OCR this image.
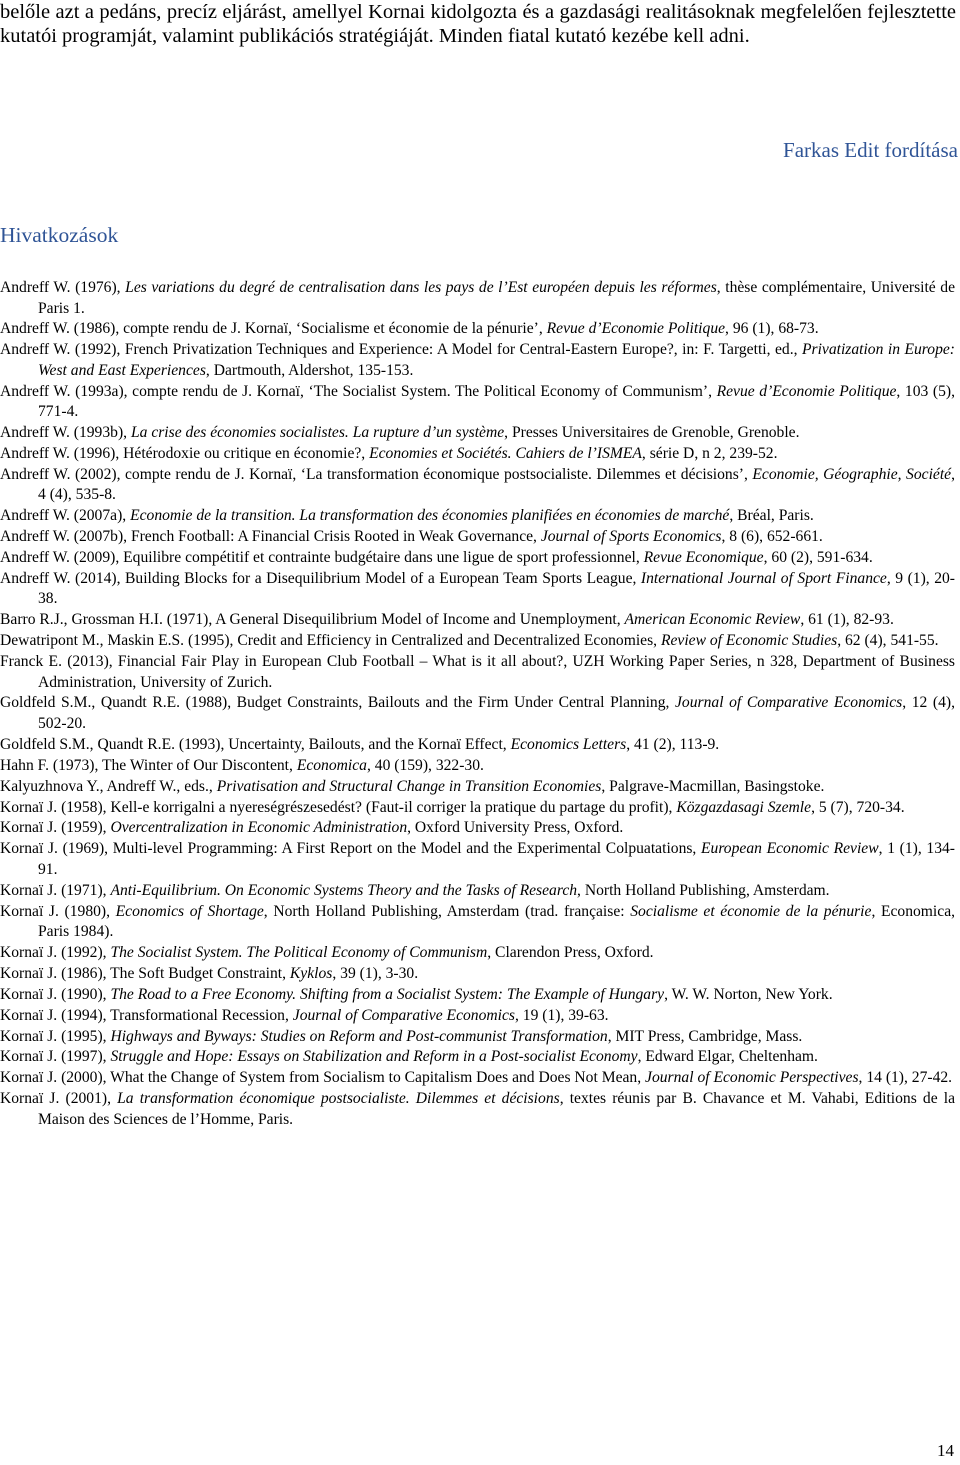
belőle azt a pedáns, precíz eljárást, amellyel Kornai kidolgozta és a gazdasági realitásoknak megfelelően fejlesztette kutatói programját, valamint publikációs stratégiáját. Minden fiatal kutató kezébe kell adni.

Farkas Edit fordítása

Hivatkozások
Andreff W. (1976), Les variations du degré de centralisation dans les pays de l’Est européen depuis les réformes, thèse complémentaire, Université de Paris 1.
Andreff W. (1986), compte rendu de J. Kornaï, ‘Socialisme et économie de la pénurie’, Revue d’Economie Politique, 96 (1), 68-73.
Andreff W. (1992), French Privatization Techniques and Experience: A Model for Central-Eastern Europe?, in: F. Targetti, ed., Privatization in Europe: West and East Experiences, Dartmouth, Aldershot, 135-153.
Andreff W. (1993a), compte rendu de J. Kornaï, ‘The Socialist System. The Political Economy of Communism’, Revue d’Economie Politique, 103 (5), 771-4.
Andreff W. (1993b), La crise des économies socialistes. La rupture d’un système, Presses Universitaires de Grenoble, Grenoble.
Andreff W. (1996), Hétérodoxie ou critique en économie?, Economies et Sociétés. Cahiers de l’ISMEA, série D, n 2, 239-52.
Andreff W. (2002), compte rendu de J. Kornaï, ‘La transformation économique postsocialiste. Dilemmes et décisions’, Economie, Géographie, Société, 4 (4), 535-8.
Andreff W. (2007a), Economie de la transition. La transformation des économies planifiées en économies de marché, Bréal, Paris.
Andreff W. (2007b), French Football: A Financial Crisis Rooted in Weak Governance, Journal of Sports Economics, 8 (6), 652-661.
Andreff W. (2009), Equilibre compétitif et contrainte budgétaire dans une ligue de sport professionnel, Revue Economique, 60 (2), 591-634.
Andreff W. (2014), Building Blocks for a Disequilibrium Model of a European Team Sports League, International Journal of Sport Finance, 9 (1), 20-38.
Barro R.J., Grossman H.I. (1971), A General Disequilibrium Model of Income and Unemployment, American Economic Review, 61 (1), 82-93.
Dewatripont M., Maskin E.S. (1995), Credit and Efficiency in Centralized and Decentralized Economies, Review of Economic Studies, 62 (4), 541-55.
Franck E. (2013), Financial Fair Play in European Club Football – What is it all about?, UZH Working Paper Series, n 328, Department of Business Administration, University of Zurich.
Goldfeld S.M., Quandt R.E. (1988), Budget Constraints, Bailouts and the Firm Under Central Planning, Journal of Comparative Economics, 12 (4), 502-20.
Goldfeld S.M., Quandt R.E. (1993), Uncertainty, Bailouts, and the Kornaï Effect, Economics Letters, 41 (2), 113-9.
Hahn F. (1973), The Winter of Our Discontent, Economica, 40 (159), 322-30.
Kalyuzhnova Y., Andreff W., eds., Privatisation and Structural Change in Transition Economies, Palgrave-Macmillan, Basingstoke.
Kornaï J. (1958), Kell-e korrigalni a nyereségrészesedést? (Faut-il corriger la pratique du partage du profit), Közgazdasagi Szemle, 5 (7), 720-34.
Kornaï J. (1959), Overcentralization in Economic Administration, Oxford University Press, Oxford.
Kornaï J. (1969), Multi-level Programming: A First Report on the Model and the Experimental Colpuatations, European Economic Review, 1 (1), 134-91.
Kornaï J. (1971), Anti-Equilibrium. On Economic Systems Theory and the Tasks of Research, North Holland Publishing, Amsterdam.
Kornaï J. (1980), Economics of Shortage, North Holland Publishing, Amsterdam (trad. française: Socialisme et économie de la pénurie, Economica, Paris 1984).
Kornaï J. (1992), The Socialist System. The Political Economy of Communism, Clarendon Press, Oxford.
Kornaï J. (1986), The Soft Budget Constraint, Kyklos, 39 (1), 3-30.
Kornaï J. (1990), The Road to a Free Economy. Shifting from a Socialist System: The Example of Hungary, W. W. Norton, New York.
Kornaï J. (1994), Transformational Recession, Journal of Comparative Economics, 19 (1), 39-63.
Kornaï J. (1995), Highways and Byways: Studies on Reform and Post-communist Transformation, MIT Press, Cambridge, Mass.
Kornaï J. (1997), Struggle and Hope: Essays on Stabilization and Reform in a Post-socialist Economy, Edward Elgar, Cheltenham.
Kornaï J. (2000), What the Change of System from Socialism to Capitalism Does and Does Not Mean, Journal of Economic Perspectives, 14 (1), 27-42.
Kornaï J. (2001), La transformation économique postsocialiste. Dilemmes et décisions, textes réunis par B. Chavance et M. Vahabi, Editions de la Maison des Sciences de l’Homme, Paris.

14
